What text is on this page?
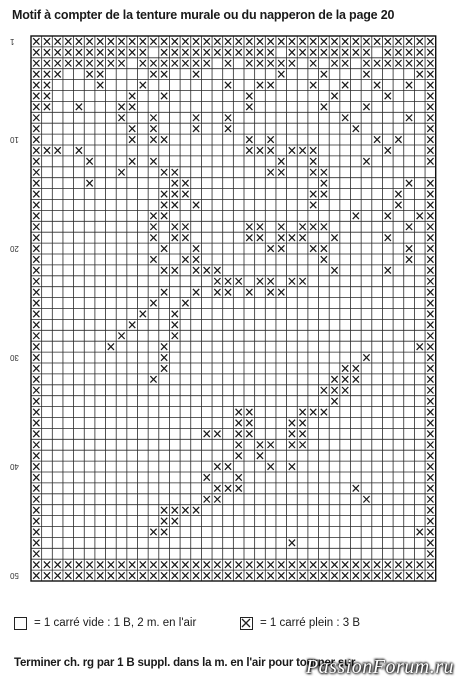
Motif à compter de la tenture murale ou du napperon de la page 20
1
10
20
30
40
50
= 1 carré vide : 1 B, 2 m. en l'air	= 1 carré plein : 3 B

Terminer ch. rg par 1 B suppl. dans la m. en l'air pour tourner sur

PassionForum.ru
